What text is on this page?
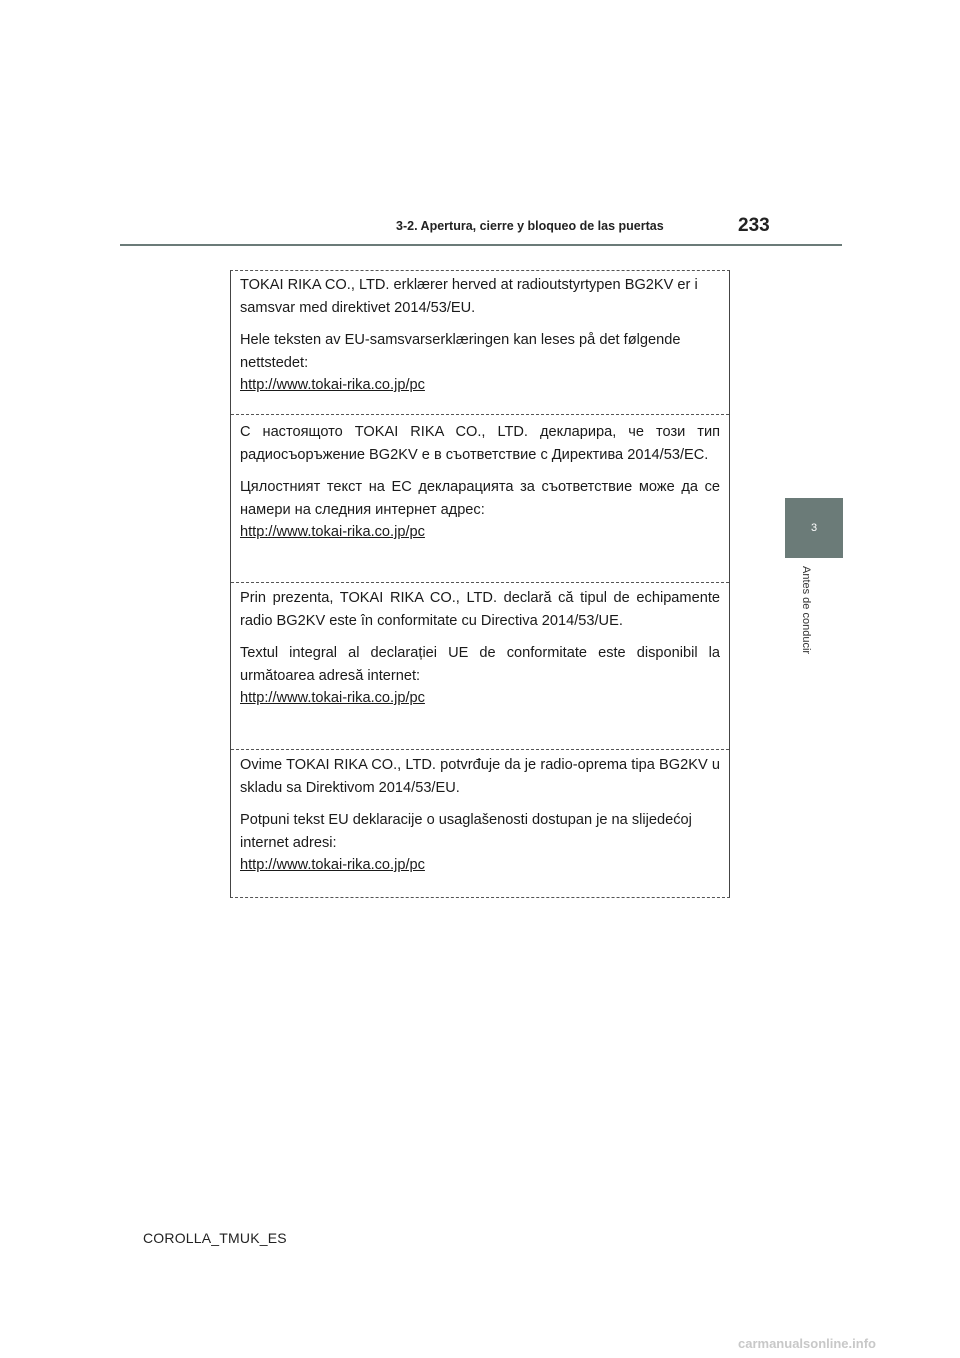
3-2. Apertura, cierre y bloqueo de las puertas	233
3
Antes de conducir

TOKAI RIKA CO., LTD. erklærer herved at radioutstyrtypen BG2KV er i samsvar med direktivet 2014/53/EU.

Hele teksten av EU-samsvarserklæringen kan leses på det følgende nettstedet:

http://www.tokai-rika.co.jp/pc

С настоящото TOKAI RIKA CO., LTD. декларира, че този тип радиосъоръжение BG2KV е в съответствие с Директива 2014/53/ЕС.

Цялостният текст на ЕС декларацията за съответствие може да се намери на следния интернет адрес:

http://www.tokai-rika.co.jp/pc

Prin prezenta, TOKAI RIKA CO., LTD. declară că tipul de echipamente radio BG2KV este în conformitate cu Directiva 2014/53/UE.

Textul integral al declarației UE de conformitate este disponibil la următoarea adresă internet:

http://www.tokai-rika.co.jp/pc

Ovime TOKAI RIKA CO., LTD. potvrđuje da je radio-oprema tipa BG2KV u skladu sa Direktivom 2014/53/EU.

Potpuni tekst EU deklaracije o usaglašenosti dostupan je na slijedećoj internet adresi:

http://www.tokai-rika.co.jp/pc
COROLLA_TMUK_ES
carmanualsonline.info
